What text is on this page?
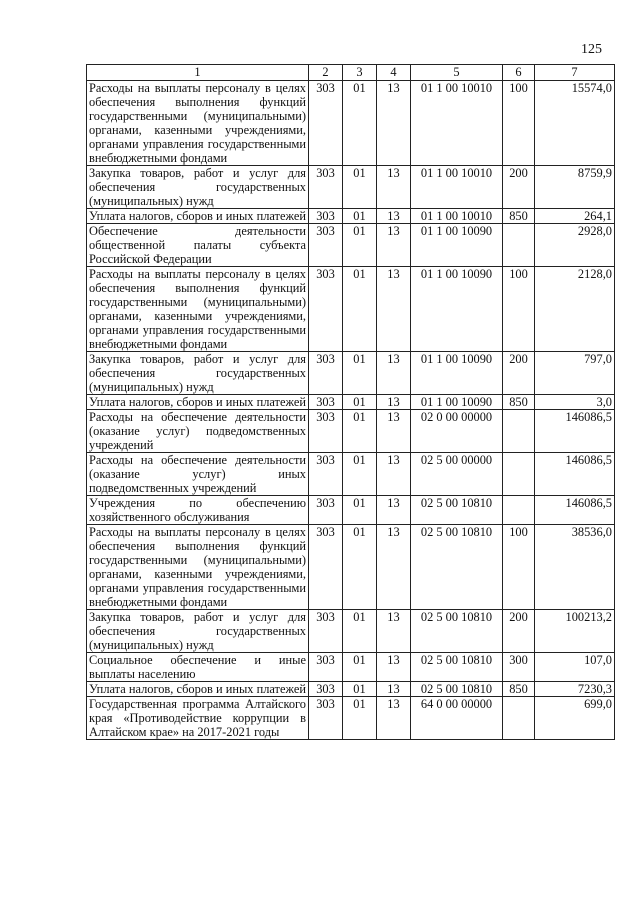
125
1	2	3	4	5	6	7
Расходы на выплаты персоналу в целях обеспечения выполнения функций государственными (муниципальными) органами, казенными учреждениями, органами управления государственными внебюджетными фондами	303	01	13	01 1 00 10010	100	15574,0
Закупка товаров, работ и услуг для обеспечения государственных (муниципальных) нужд	303	01	13	01 1 00 10010	200	8759,9
Уплата налогов, сборов и иных платежей	303	01	13	01 1 00 10010	850	264,1
Обеспечение деятельности общественной палаты субъекта Российской Федерации	303	01	13	01 1 00 10090		2928,0
Расходы на выплаты персоналу в целях обеспечения выполнения функций государственными (муниципальными) органами, казенными учреждениями, органами управления государственными внебюджетными фондами	303	01	13	01 1 00 10090	100	2128,0
Закупка товаров, работ и услуг для обеспечения государственных (муниципальных) нужд	303	01	13	01 1 00 10090	200	797,0
Уплата налогов, сборов и иных платежей	303	01	13	01 1 00 10090	850	3,0
Расходы на обеспечение деятельности (оказание услуг) подведомственных учреждений	303	01	13	02 0 00 00000		146086,5
Расходы на обеспечение деятельности (оказание услуг) иных подведомственных учреждений	303	01	13	02 5 00 00000		146086,5
Учреждения по обеспечению хозяйственного обслуживания	303	01	13	02 5 00 10810		146086,5
Расходы на выплаты персоналу в целях обеспечения выполнения функций государственными (муниципальными) органами, казенными учреждениями, органами управления государственными внебюджетными фондами	303	01	13	02 5 00 10810	100	38536,0
Закупка товаров, работ и услуг для обеспечения государственных (муниципальных) нужд	303	01	13	02 5 00 10810	200	100213,2
Социальное обеспечение и иные выплаты населению	303	01	13	02 5 00 10810	300	107,0
Уплата налогов, сборов и иных платежей	303	01	13	02 5 00 10810	850	7230,3
Государственная программа Алтайского края «Противодействие коррупции в Алтайском крае» на 2017-2021 годы	303	01	13	64 0 00 00000		699,0
